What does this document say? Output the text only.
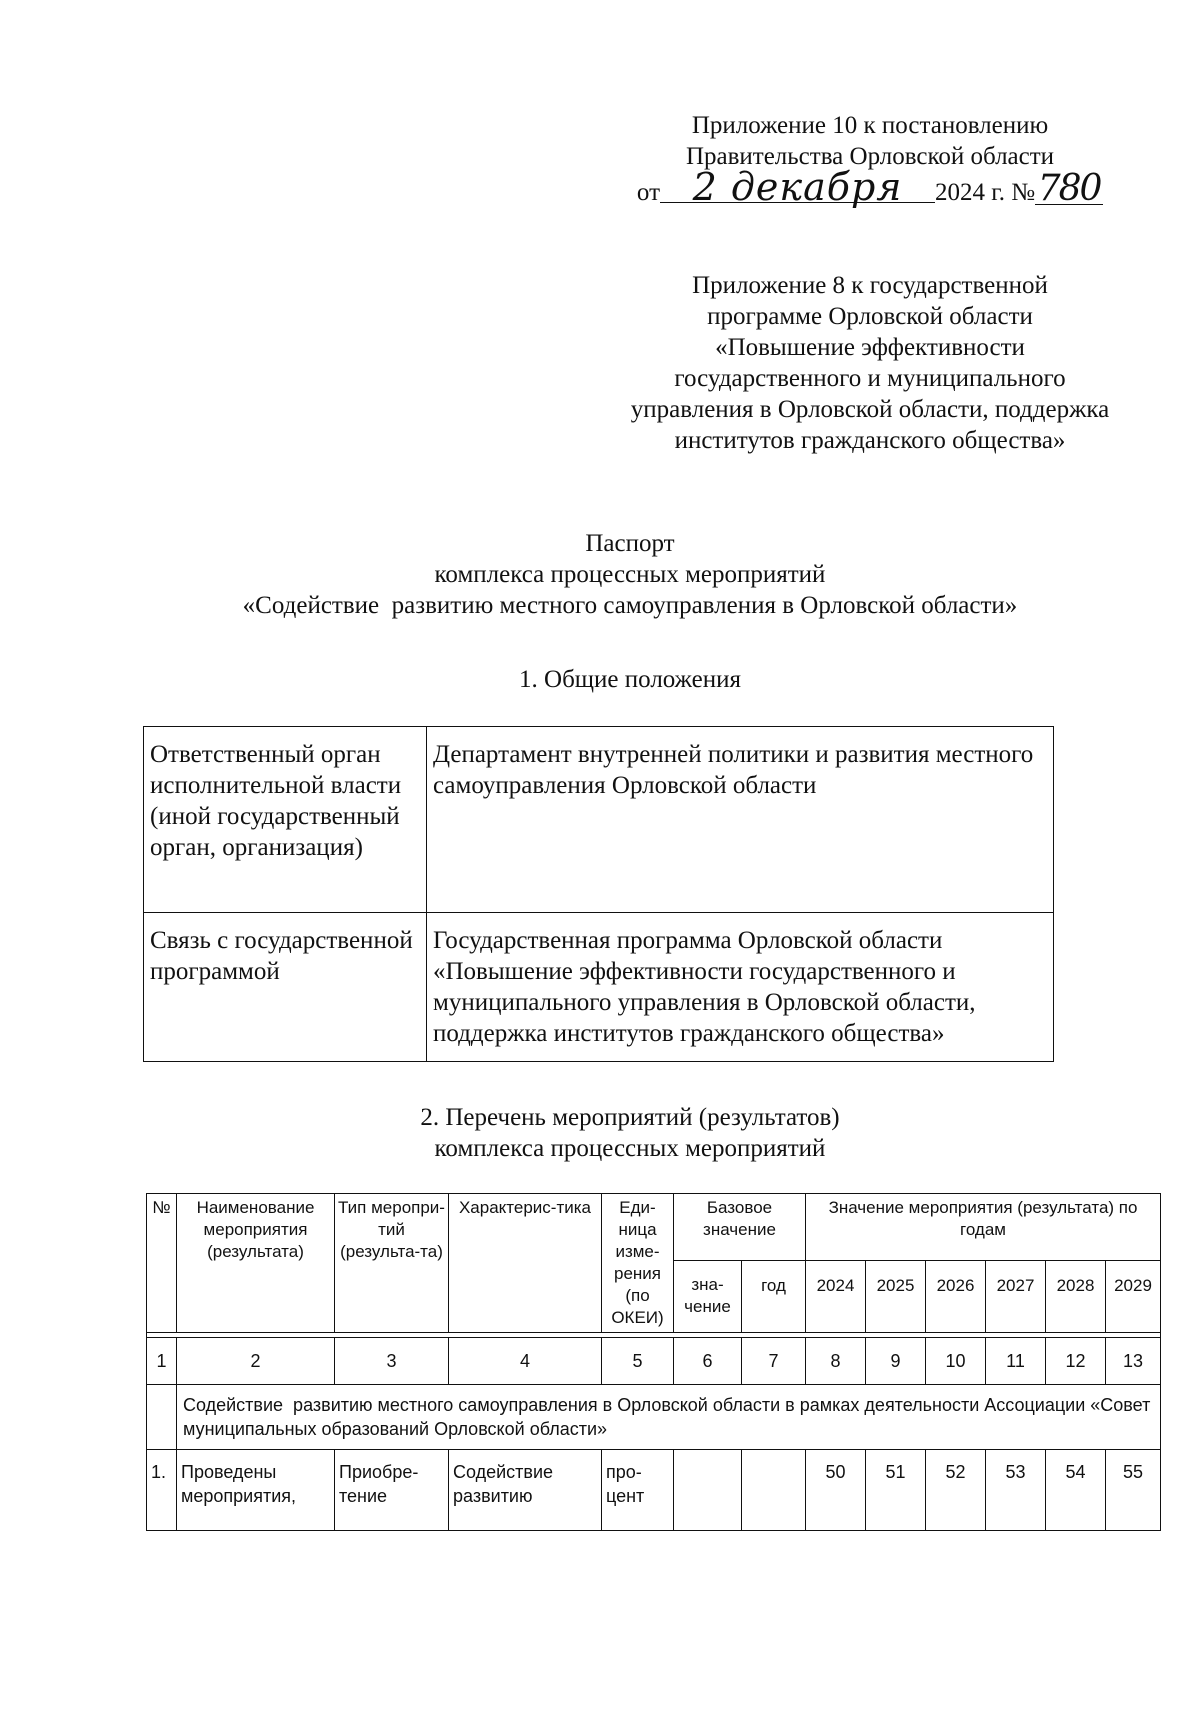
Приложение 10 к постановлению
Правительства Орловской области
от 2 декабря 2024 г. №780
Приложение 8 к государственной
программе Орловской области
«Повышение эффективности
государственного и муниципального
управления в Орловской области, поддержка
институтов гражданского общества»
Паспорт
комплекса процессных мероприятий
«Содействие  развитию местного самоуправления в Орловской области»
1. Общие положения
Ответственный орган исполнительной власти (иной государственный орган, организация)	Департамент внутренней политики и развития местного самоуправления Орловской области
Связь с государственной программой	Государственная программа Орловской области «Повышение эффективности государственного и муниципального управления в Орловской области, поддержка институтов гражданского общества»
2. Перечень мероприятий (результатов)
комплекса процессных мероприятий
№	Наименование мероприятия (результата)	Тип меропри-тий (результа-та)	Характерис-тика	Еди-ница изме-рения (по ОКЕИ)	Базовое значение		Значение мероприятия (результата) по годам					
					зна-чение	год	2024	2025	2026	2027	2028	2029

1	2	3	4	5	6	7	8	9	10	11	12	13
	Содействие  развитию местного самоуправления в Орловской области в рамках деятельности Ассоциации «Совет муниципальных образований Орловской области»											
1.	Проведены мероприятия,	Приобре-тение	Содействие развитию	про-цент			50	51	52	53	54	55
